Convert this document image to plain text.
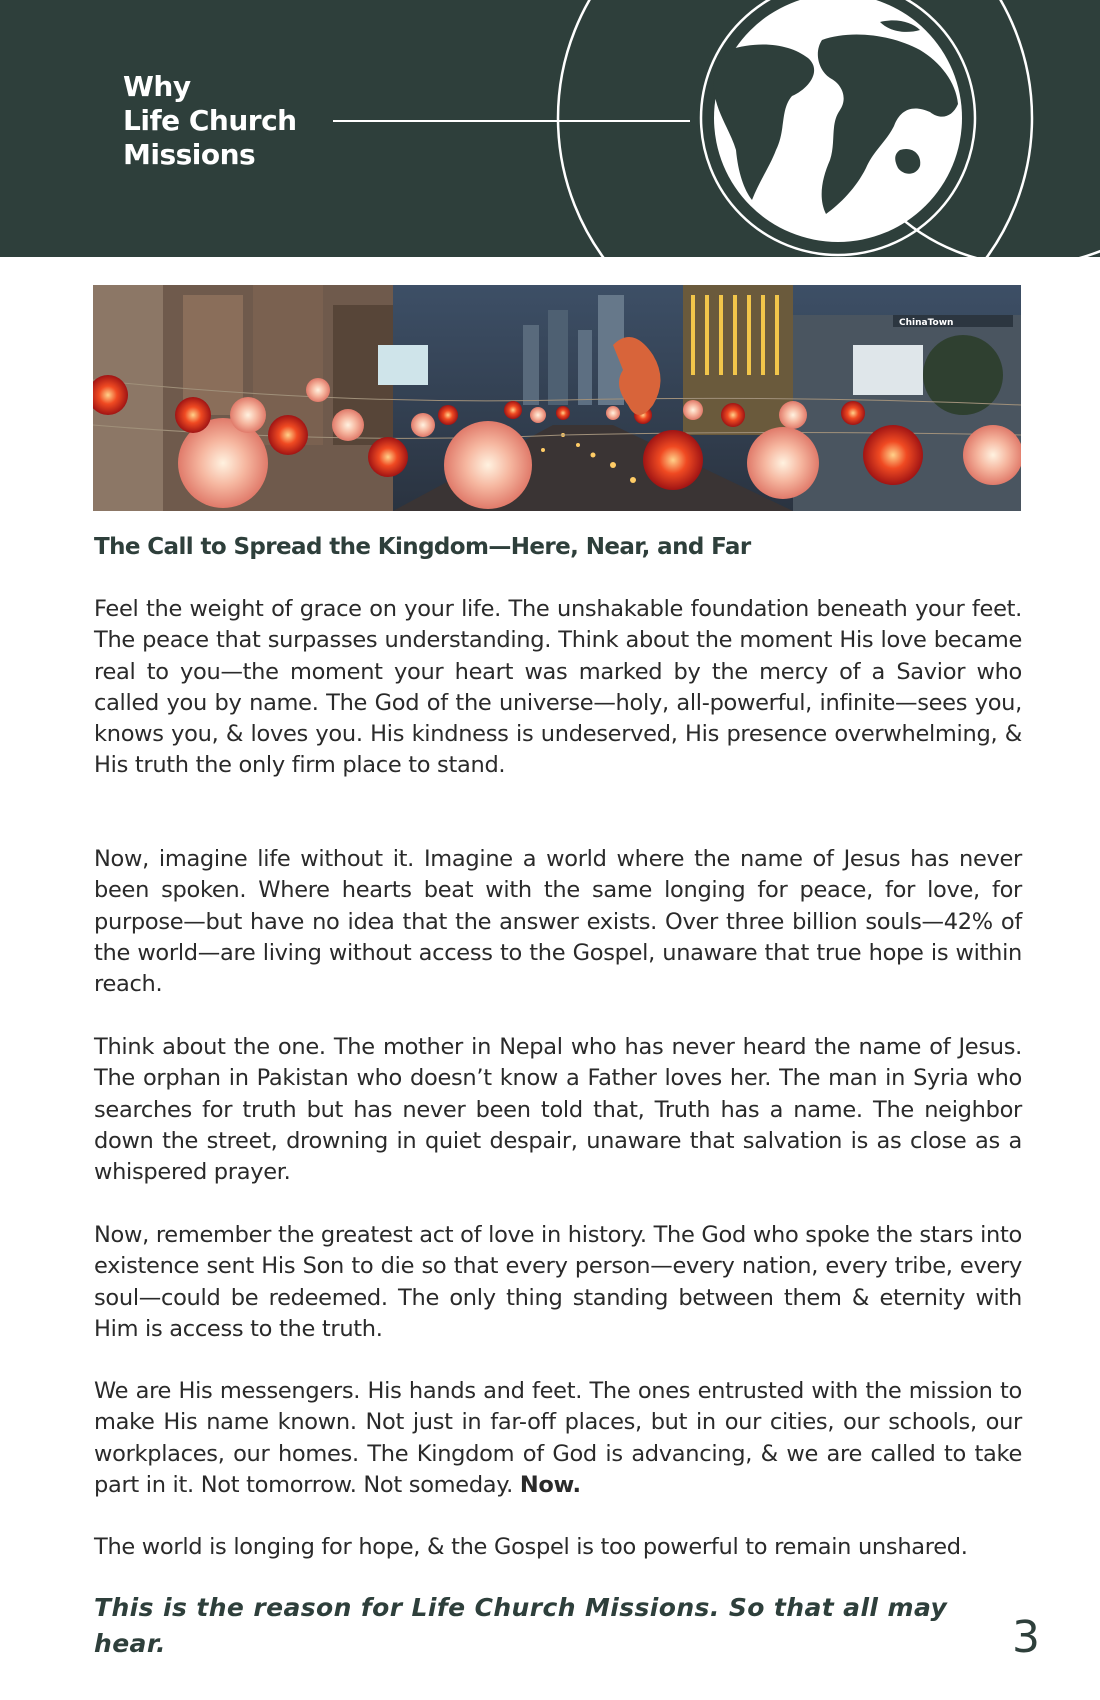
Why
Life Church
Missions
ChinaTown
The Call to Spread the Kingdom—Here, Near, and Far

Feel the weight of grace on your life. The unshakable foundation beneath your feet. The peace that surpasses understanding. Think about the moment His love became real to you—the moment your heart was marked by the mercy of a Savior who called you by name. The God of the universe—holy, all-powerful, infinite—sees you, knows you, & loves you. His kindness is undeserved, His presence overwhelming, & His truth the only firm place to stand.

Now, imagine life without it. Imagine a world where the name of Jesus has never been spoken. Where hearts beat with the same longing for peace, for love, for purpose—but have no idea that the answer exists. Over three billion souls—42% of the world—are living without access to the Gospel, unaware that true hope is within reach.

Think about the one. The mother in Nepal who has never heard the name of Jesus. The orphan in Pakistan who doesn’t know a Father loves her. The man in Syria who searches for truth but has never been told that, Truth has a name. The neighbor down the street, drowning in quiet despair, unaware that salvation is as close as a whispered prayer.

Now, remember the greatest act of love in history. The God who spoke the stars into existence sent His Son to die so that every person—every nation, every tribe, every soul—could be redeemed. The only thing standing between them & eternity with Him is access to the truth.

We are His messengers. His hands and feet. The ones entrusted with the mission to make His name known. Not just in far-off places, but in our cities, our schools, our workplaces, our homes. The Kingdom of God is advancing, & we are called to take part in it. Not tomorrow. Not someday. Now.

The world is longing for hope, & the Gospel is too powerful to remain unshared.

This is the reason for Life Church Missions. So that all may hear.	3
